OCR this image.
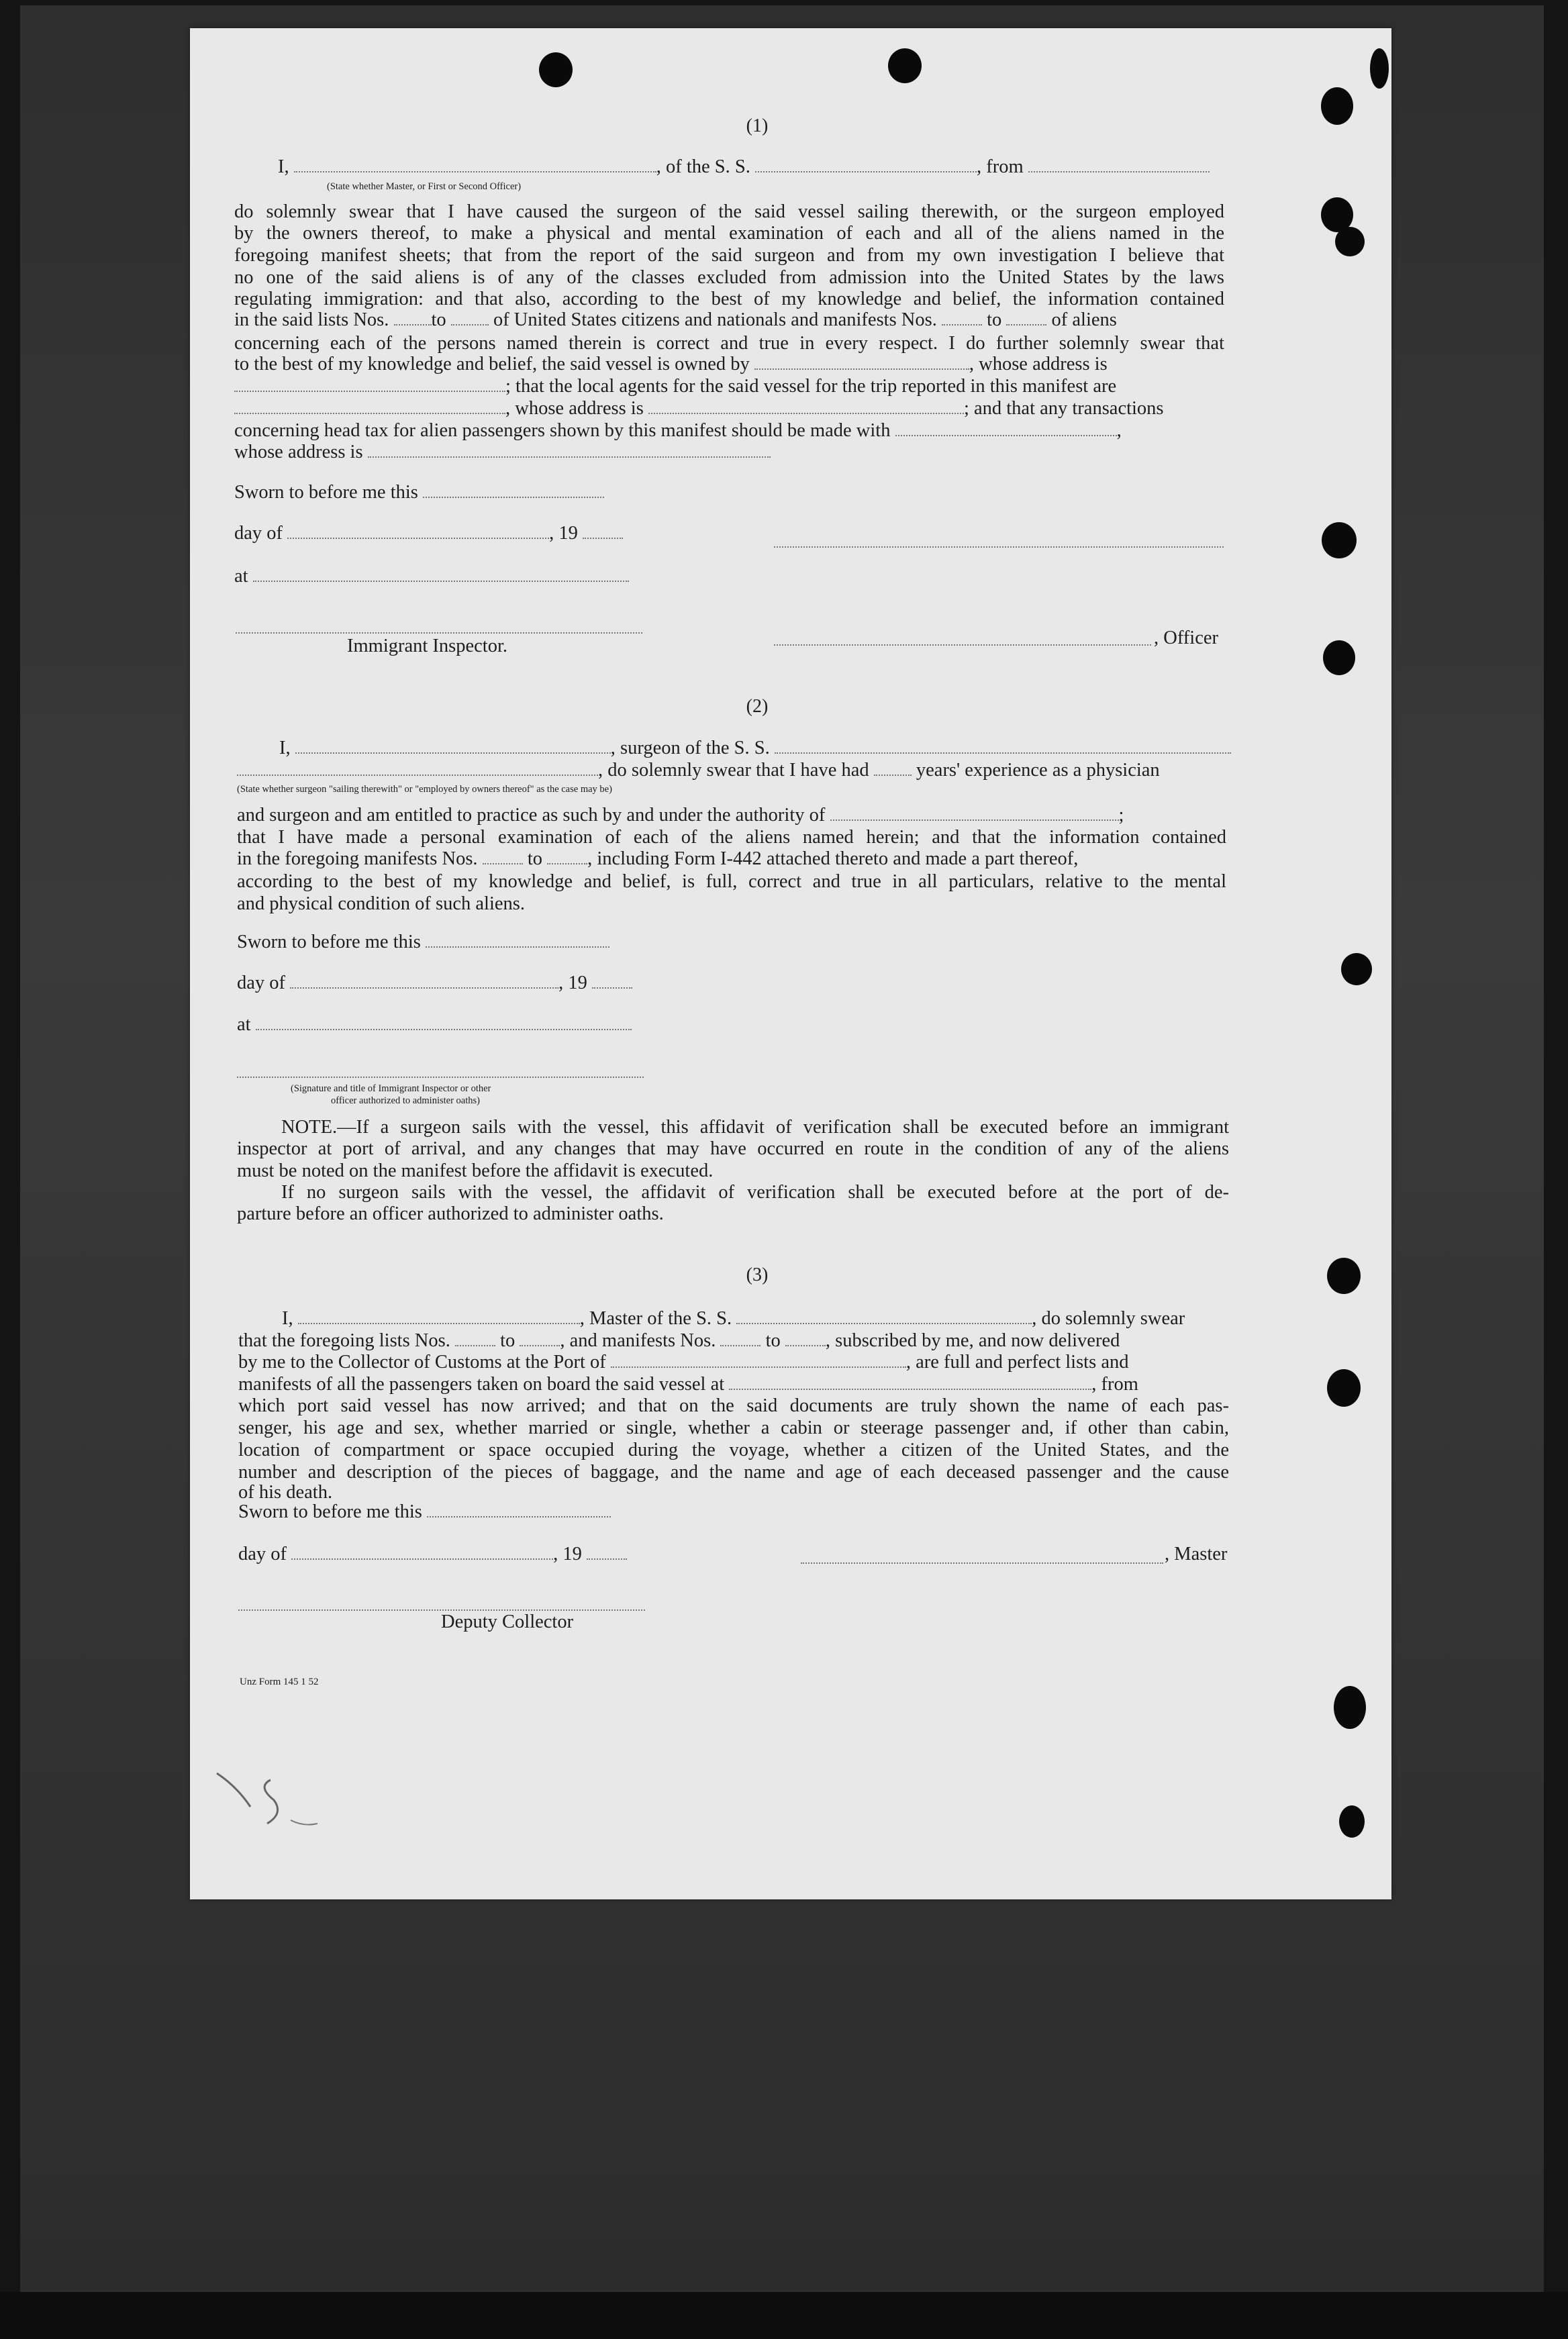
(1)
I,	, of the S. S.	, from
(State whether Master, or First or Second Officer)
do solemnly swear that I have caused the surgeon of the said vessel sailing therewith, or the surgeon employed
by the owners thereof, to make a physical and mental examination of each and all of the aliens named in the
foregoing manifest sheets; that from the report of the said surgeon and from my own investigation I believe that
no one of the said aliens is of any of the classes excluded from admission into the United States by the laws
regulating immigration: and that also, according to the best of my knowledge and belief, the information contained
in the said lists Nos. to of United States citizens and nationals and manifests Nos.	to	of aliens
concerning each of the persons named therein is correct and true in every respect. I do further solemnly swear that
to the best of my knowledge and belief, the said vessel is owned by	, whose address is
; that the local agents for the said vessel for the trip reported in this manifest are
, whose address is	; and that any transactions
concerning head tax for alien passengers shown by this manifest should be made with	,
whose address is
Sworn to before me this
day of	, 19
at
Immigrant Inspector.	, Officer
(2)
I,	, surgeon of the S. S.
, do solemnly swear that I have had years' experience as a physician
(State whether surgeon "sailing therewith" or "employed by owners thereof" as the case may be)
and surgeon and am entitled to practice as such by and under the authority of	;
that I have made a personal examination of each of the aliens named herein; and that the information contained
in the foregoing manifests Nos.	to , including Form I-442 attached thereto and made a part thereof,
according to the best of my knowledge and belief, is full, correct and true in all particulars, relative to the mental
and physical condition of such aliens.
Sworn to before me this
day of	, 19
at
(Signature and title of Immigrant Inspector or other
officer authorized to administer oaths)
NOTE.—If a surgeon sails with the vessel, this affidavit of verification shall be executed before an immigrant
inspector at port of arrival, and any changes that may have occurred en route in the condition of any of the aliens
must be noted on the manifest before the affidavit is executed.
If no surgeon sails with the vessel, the affidavit of verification shall be executed before at the port of de-
parture before an officer authorized to administer oaths.
(3)
I,	, Master of the S. S.	, do solemnly swear
that the foregoing lists Nos.	to , and manifests Nos.	to , subscribed by me, and now delivered
by me to the Collector of Customs at the Port of	, are full and perfect lists and
manifests of all the passengers taken on board the said vessel at	, from
which port said vessel has now arrived; and that on the said documents are truly shown the name of each pas-
senger, his age and sex, whether married or single, whether a cabin or steerage passenger and, if other than cabin,
location of compartment or space occupied during the voyage, whether a citizen of the United States, and the
number and description of the pieces of baggage, and the name and age of each deceased passenger and the cause
of his death.
Sworn to before me this
day of	, 19	, Master
Deputy Collector
Unz Form 145 1 52
